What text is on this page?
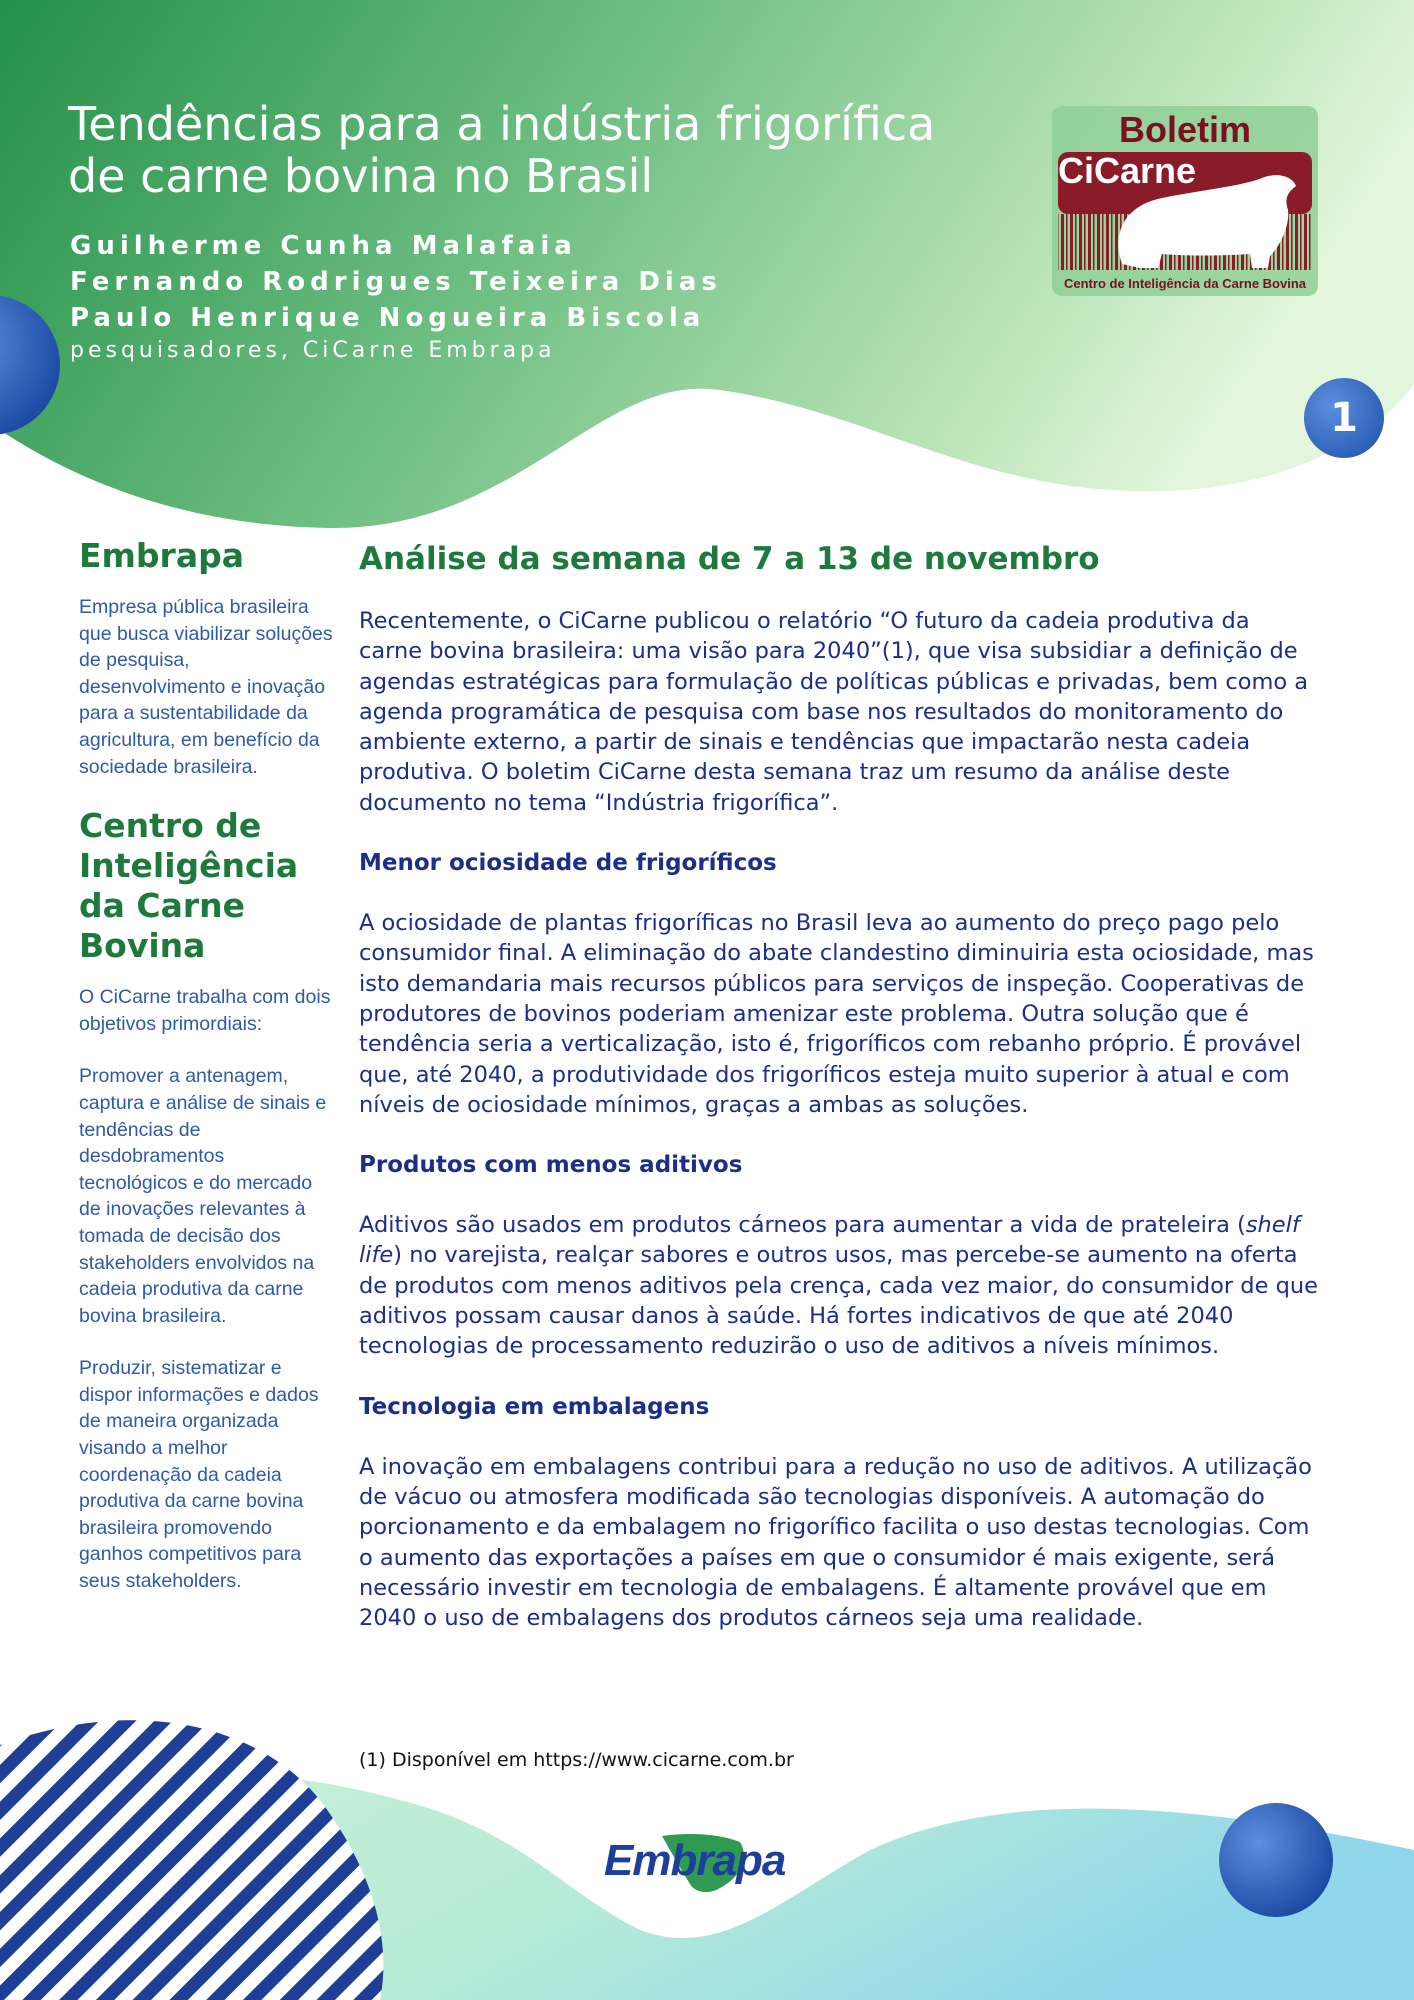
Tendências para a indústria frigorífica
de carne bovina no Brasil
Guilherme Cunha Malafaia
Fernando Rodrigues Teixeira Dias
Paulo Henrique Nogueira Biscola
pesquisadores, CiCarne Embrapa
Boletim
CiCarne
Centro de Inteligência da Carne Bovina
1
Embrapa

Empresa pública brasileira que busca viabilizar soluções de pesquisa, desenvolvimento e inovação para a sustentabilidade da agricultura, em benefício da sociedade brasileira.

Centro de Inteligência da Carne Bovina

O CiCarne trabalha com dois objetivos primordiais:

Promover a antenagem, captura e análise de sinais e tendências de desdobramentos tecnológicos e do mercado de inovações relevantes à tomada de decisão dos stakeholders envolvidos na cadeia produtiva da carne bovina brasileira.

Produzir, sistematizar e dispor informações e dados de maneira organizada visando a melhor coordenação da cadeia produtiva da carne bovina brasileira promovendo ganhos competitivos para seus stakeholders.

Análise da semana de 7 a 13 de novembro

Recentemente, o CiCarne publicou o relatório “O futuro da cadeia produtiva da
carne bovina brasileira: uma visão para 2040”(1), que visa subsidiar a definição de
agendas estratégicas para formulação de políticas públicas e privadas, bem como a
agenda programática de pesquisa com base nos resultados do monitoramento do
ambiente externo, a partir de sinais e tendências que impactarão nesta cadeia
produtiva. O boletim CiCarne desta semana traz um resumo da análise deste
documento no tema “Indústria frigorífica”.

Menor ociosidade de frigoríficos

A ociosidade de plantas frigoríficas no Brasil leva ao aumento do preço pago pelo
consumidor final. A eliminação do abate clandestino diminuiria esta ociosidade, mas
isto demandaria mais recursos públicos para serviços de inspeção. Cooperativas de
produtores de bovinos poderiam amenizar este problema. Outra solução que é
tendência seria a verticalização, isto é, frigoríficos com rebanho próprio. É provável
que, até 2040, a produtividade dos frigoríficos esteja muito superior à atual e com
níveis de ociosidade mínimos, graças a ambas as soluções.

Produtos com menos aditivos

Aditivos são usados em produtos cárneos para aumentar a vida de prateleira (shelf
life) no varejista, realçar sabores e outros usos, mas percebe-se aumento na oferta
de produtos com menos aditivos pela crença, cada vez maior, do consumidor de que
aditivos possam causar danos à saúde. Há fortes indicativos de que até 2040
tecnologias de processamento reduzirão o uso de aditivos a níveis mínimos.

Tecnologia em embalagens

A inovação em embalagens contribui para a redução no uso de aditivos. A utilização
de vácuo ou atmosfera modificada são tecnologias disponíveis. A automação do
porcionamento e da embalagem no frigorífico facilita o uso destas tecnologias. Com
o aumento das exportações a países em que o consumidor é mais exigente, será
necessário investir em tecnologia de embalagens. É altamente provável que em
2040 o uso de embalagens dos produtos cárneos seja uma realidade.

(1) Disponível em https://www.cicarne.com.br
Embrapa
